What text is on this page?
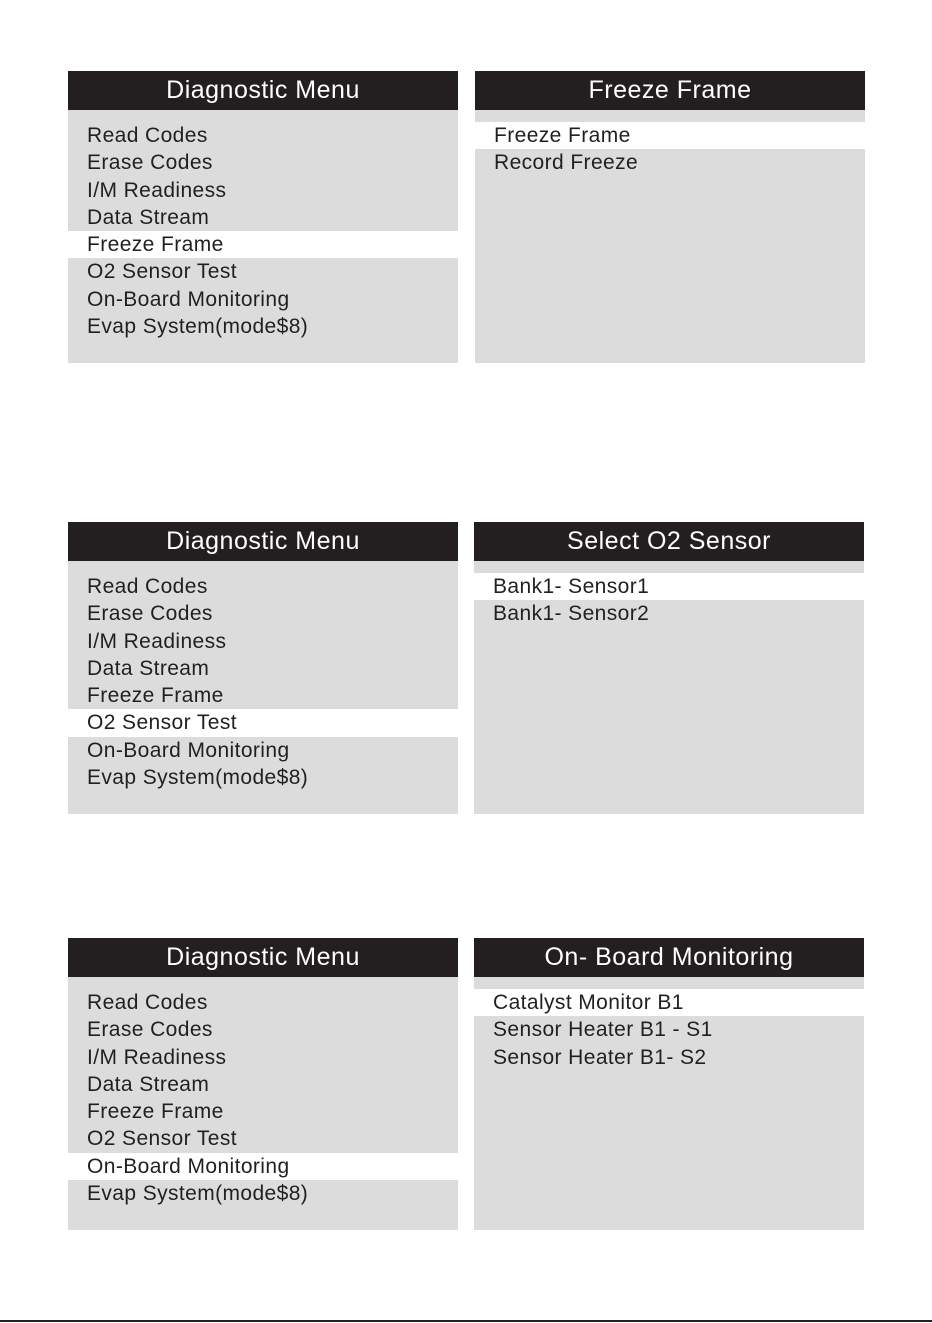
Diagnostic Menu
Read Codes
Erase Codes
I/M Readiness
Data Stream
Freeze Frame
O2 Sensor Test
On-Board Monitoring
Evap System(mode$8)
Freeze Frame
Freeze Frame
Record Freeze
Diagnostic Menu
Read Codes
Erase Codes
I/M Readiness
Data Stream
Freeze Frame
O2 Sensor Test
On-Board Monitoring
Evap System(mode$8)
Select O2 Sensor
Bank1- Sensor1
Bank1- Sensor2
Diagnostic Menu
Read Codes
Erase Codes
I/M Readiness
Data Stream
Freeze Frame
O2 Sensor Test
On-Board Monitoring
Evap System(mode$8)
On- Board Monitoring
Catalyst Monitor B1
Sensor Heater B1 - S1
Sensor Heater B1- S2
